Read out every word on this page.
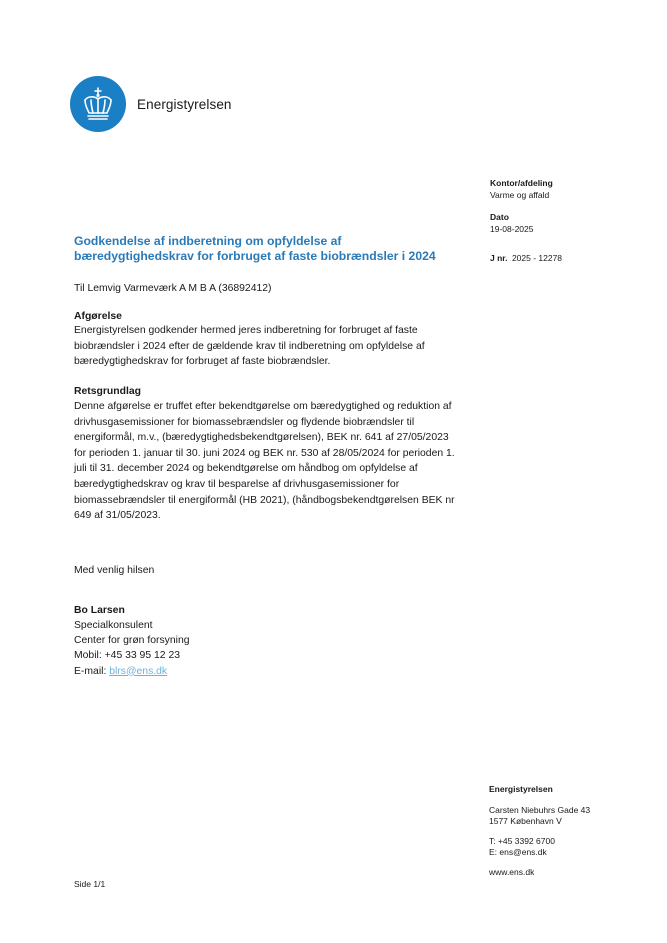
Energistyrelsen
Kontor/afdeling
Varme og affald
Dato
19-08-2025
J nr. 2025 - 12278
Godkendelse af indberetning om opfyldelse af
bæredygtighedskrav for forbruget af faste biobrændsler i 2024
Til Lemvig Varmeværk A M B A (36892412)
Afgørelse
Energistyrelsen godkender hermed jeres indberetning for forbruget af faste
biobrændsler i 2024 efter de gældende krav til indberetning om opfyldelse af
bæredygtighedskrav for forbruget af faste biobrændsler.
Retsgrundlag
Denne afgørelse er truffet efter bekendtgørelse om bæredygtighed og reduktion af
drivhusgasemissioner for biomassebrændsler og flydende biobrændsler til
energiformål, m.v., (bæredygtighedsbekendtgørelsen), BEK nr. 641 af 27/05/2023
for perioden 1. januar til 30. juni 2024 og BEK nr. 530 af 28/05/2024 for perioden 1.
juli til 31. december 2024 og bekendtgørelse om håndbog om opfyldelse af
bæredygtighedskrav og krav til besparelse af drivhusgasemissioner for
biomassebrændsler til energiformål (HB 2021), (håndbogsbekendtgørelsen BEK nr
649 af 31/05/2023.
Med venlig hilsen
Bo Larsen
Specialkonsulent
Center for grøn forsyning
Mobil: +45 33 95 12 23
E-mail: blrs@ens.dk
Energistyrelsen
Carsten Niebuhrs Gade 43
1577 København V
T: +45 3392 6700
E: ens@ens.dk
www.ens.dk
Side 1/1
